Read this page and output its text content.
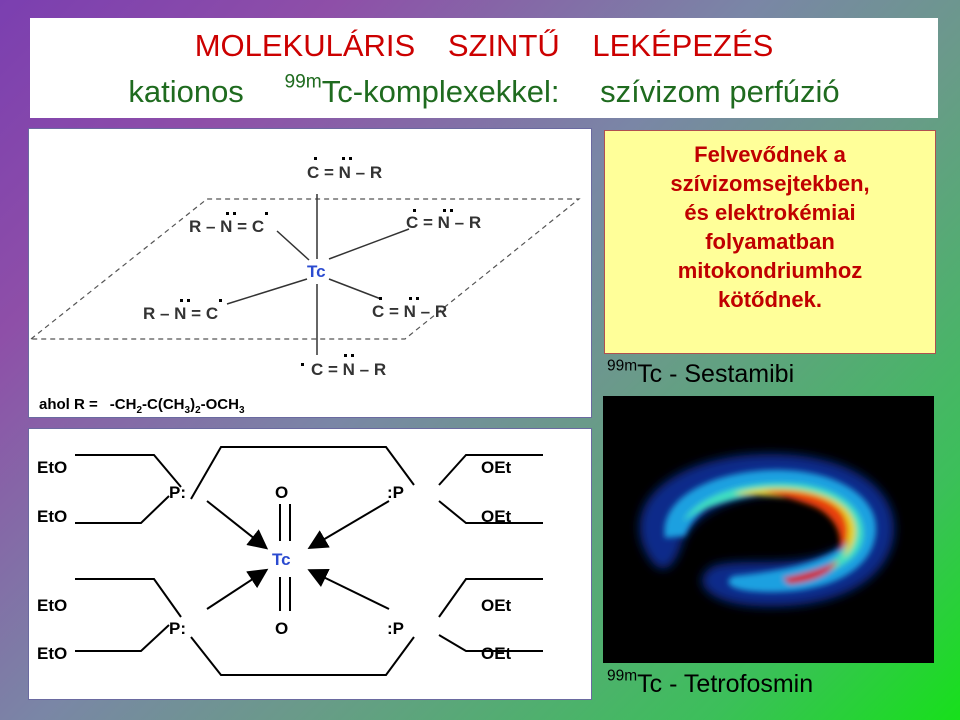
MOLEKULÁRIS SZINTŰ LEKÉPEZÉS
kationos $^{99m}$Tc-komplexekkel: szívizom perfúzió
C = N – R
R – N = C	C = N – R
Tc
R – N = C	C = N – R
C = N – R
ahol $R = -CH_2-C(CH_3)_2-OCH_3$
EtO
EtO
EtO
EtO
OEt
OEt
OEt
OEt
P:	:P
P:	:P
O
O
Tc
Felvevődnek a
szívizomsejtekben,
és elektrokémiai
folyamatban
mitokondriumhoz
kötődnek.
$^{99m}$Tc - Sestamibi
$^{99m}$Tc - Tetrofosmin
